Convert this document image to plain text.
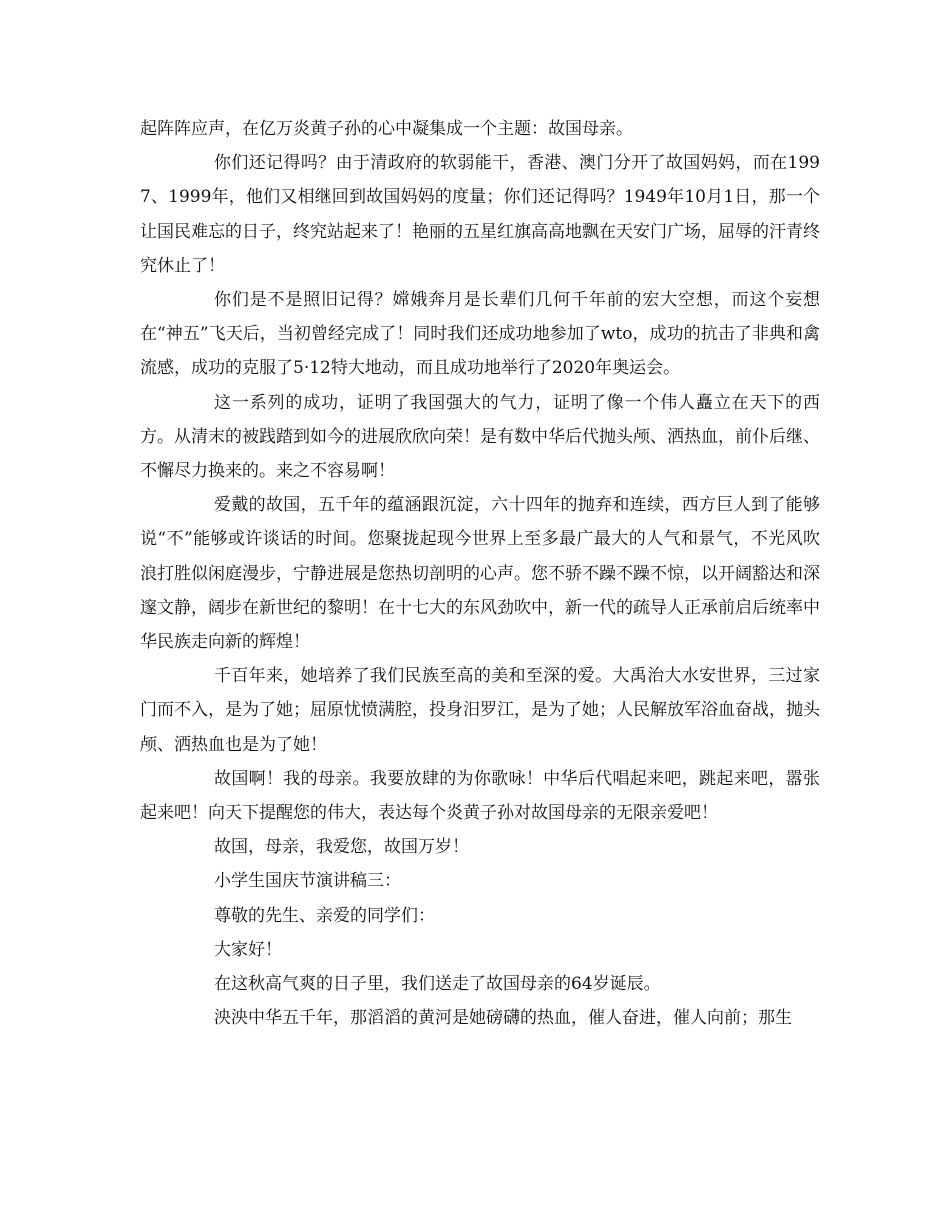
起阵阵应声，在亿万炎黄子孙的心中凝集成一个主题：故国母亲。

你们还记得吗？由于清政府的软弱能干，香港、澳门分开了故国妈妈，而在1997、1999年，他们又相继回到故国妈妈的度量；你们还记得吗？1949年10月1日，那一个让国民难忘的日子，终究站起来了！艳丽的五星红旗高高地飘在天安门广场，屈辱的汗青终究休止了！

你们是不是照旧记得？嫦娥奔月是长辈们几何千年前的宏大空想，而这个妄想在“神五”飞天后，当初曾经完成了！同时我们还成功地参加了wto，成功的抗击了非典和禽流感，成功的克服了5·12特大地动，而且成功地举行了2020年奥运会。

这一系列的成功，证明了我国强大的气力，证明了像一个伟人矗立在天下的西方。从清末的被践踏到如今的进展欣欣向荣！是有数中华后代抛头颅、洒热血，前仆后继、不懈尽力换来的。来之不容易啊！

爱戴的故国，五千年的蕴涵跟沉淀，六十四年的抛弃和连续，西方巨人到了能够说“不”能够或许谈话的时间。您聚拢起现今世界上至多最广最大的人气和景气，不光风吹浪打胜似闲庭漫步，宁静进展是您热切剖明的心声。您不骄不躁不躁不惊，以开阔豁达和深邃文静，阔步在新世纪的黎明！在十七大的东风劲吹中，新一代的疏导人正承前启后统率中华民族走向新的辉煌！

千百年来，她培养了我们民族至高的美和至深的爱。大禹治大水安世界，三过家门而不入，是为了她；屈原忧愤满腔，投身汨罗江，是为了她；人民解放军浴血奋战，抛头颅、洒热血也是为了她！

故国啊！我的母亲。我要放肆的为你歌咏！中华后代唱起来吧，跳起来吧，嚣张起来吧！向天下提醒您的伟大，表达每个炎黄子孙对故国母亲的无限亲爱吧！

故国，母亲，我爱您，故国万岁！

小学生国庆节演讲稿三：

尊敬的先生、亲爱的同学们：

大家好！

在这秋高气爽的日子里，我们送走了故国母亲的64岁诞辰。

泱泱中华五千年，那滔滔的黄河是她磅礴的热血，催人奋进，催人向前；那生
